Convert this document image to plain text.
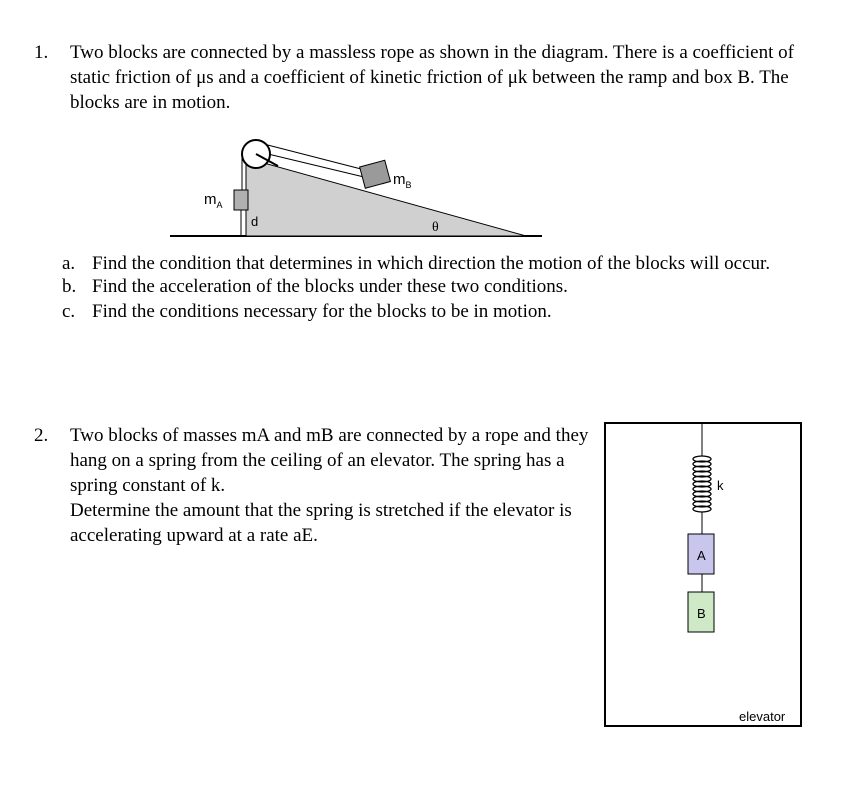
1. Two blocks are connected by a massless rope as shown in the diagram. There is a coefficient of static friction of μs and a coefficient of kinetic friction of μk between the ramp and box B. The blocks are in motion.
$m_A$
$m_B$
d	θ
a. Find the condition that determines in which direction the motion of the blocks will occur.
b. Find the acceleration of the blocks under these two conditions.
c. Find the conditions necessary for the blocks to be in motion.
2. Two blocks of masses mA and mB are connected by a rope and they hang on a spring from the ceiling of an elevator. The spring has a spring constant of k.
Determine the amount that the spring is stretched if the elevator is accelerating upward at a rate aE.
k
A
B
elevator
